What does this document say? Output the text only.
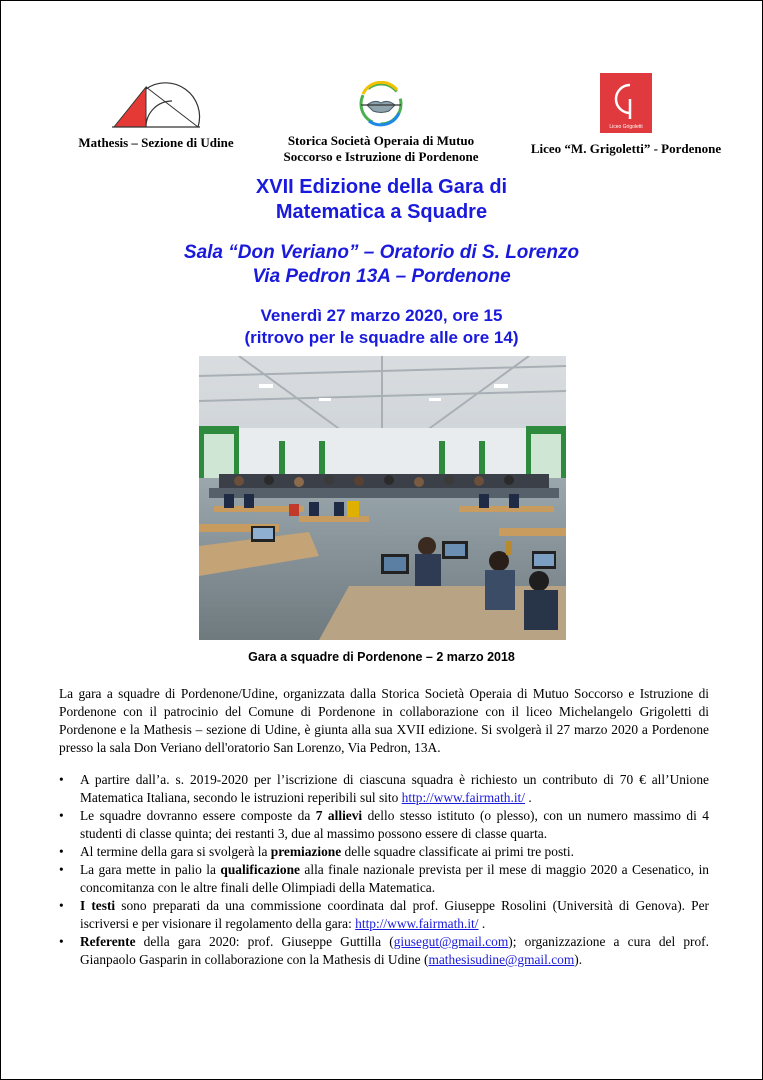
Mathesis – Sezione di Udine	Storica Società Operaia di Mutuo
Soccorso e Istruzione di Pordenone
Liceo Grigoletti
Liceo “M. Grigoletti” - Pordenone
XVII Edizione della Gara di
Matematica a Squadre
Sala “Don Veriano” – Oratorio di S. Lorenzo
Via Pedron 13A – Pordenone
Venerdì 27 marzo 2020, ore 15
(ritrovo per le squadre alle ore 14)
Gara a squadre di Pordenone – 2 marzo 2018
La gara a squadre di Pordenone/Udine, organizzata dalla Storica Società Operaia di Mutuo Soccorso e Istruzione di Pordenone con il patrocinio del Comune di Pordenone in collaborazione con il liceo Michelangelo Grigoletti di Pordenone e la Mathesis – sezione di Udine, è giunta alla sua XVII edizione. Si svolgerà il 27 marzo 2020 a Pordenone presso la sala Don Veriano dell'oratorio San Lorenzo, Via Pedron, 13A.
• A partire dall’a. s. 2019-2020 per l’iscrizione di ciascuna squadra è richiesto un contributo di 70 € all’Unione Matematica Italiana, secondo le istruzioni reperibili sul sito http://www.fairmath.it/ .
• Le squadre dovranno essere composte da 7 allievi dello stesso istituto (o plesso), con un numero massimo di 4 studenti di classe quinta; dei restanti 3, due al massimo possono essere di classe quarta.
• Al termine della gara si svolgerà la premiazione delle squadre classificate ai primi tre posti.
• La gara mette in palio la qualificazione alla finale nazionale prevista per il mese di maggio 2020 a Cesenatico, in concomitanza con le altre finali delle Olimpiadi della Matematica.
• I testi sono preparati da una commissione coordinata dal prof. Giuseppe Rosolini (Università di Genova). Per iscriversi e per visionare il regolamento della gara: http://www.fairmath.it/ .
• Referente della gara 2020: prof. Giuseppe Guttilla (giusegut@gmail.com); organizzazione a cura del prof. Gianpaolo Gasparin in collaborazione con la Mathesis di Udine (mathesisudine@gmail.com).
